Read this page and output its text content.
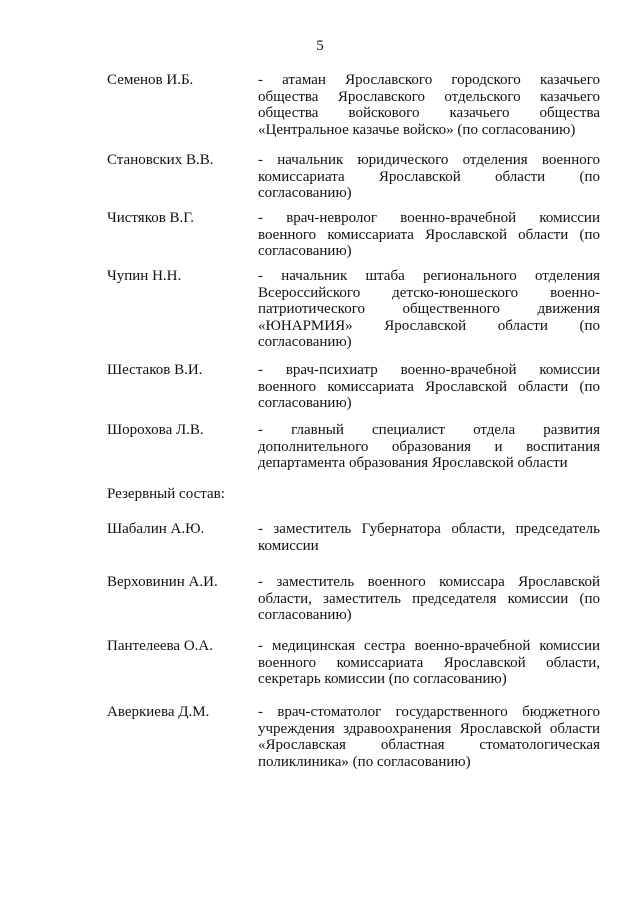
5
Семенов И.Б.	- атаман Ярославского городского казачьего общества Ярославского отдельского казачьего общества войскового казачьего общества «Центральное казачье войско» (по согласованию)
Становских В.В.	- начальник юридического отделения военного комиссариата Ярославской области (по согласованию)
Чистяков В.Г.	- врач-невролог военно-врачебной комиссии военного комиссариата Ярославской области (по согласованию)
Чупин Н.Н.	- начальник штаба регионального отделения Всероссийского детско-юношеского военно-патриотического общественного движения «ЮНАРМИЯ» Ярославской области (по согласованию)
Шестаков В.И.	- врач-психиатр военно-врачебной комиссии военного комиссариата Ярославской области (по согласованию)
Шорохова Л.В.	- главный специалист отдела развития дополнительного образования и воспитания департамента образования Ярославской области
Резервный состав:
Шабалин А.Ю.	- заместитель Губернатора области, председатель комиссии
Верховинин А.И.	- заместитель военного комиссара Ярославской области, заместитель председателя комиссии (по согласованию)
Пантелеева О.А.	- медицинская сестра военно-врачебной комиссии военного комиссариата Ярославской области, секретарь комиссии (по согласованию)
Аверкиева Д.М.	- врач-стоматолог государственного бюджетного учреждения здравоохранения Ярославской области «Ярославская областная стоматологическая поликлиника» (по согласованию)
